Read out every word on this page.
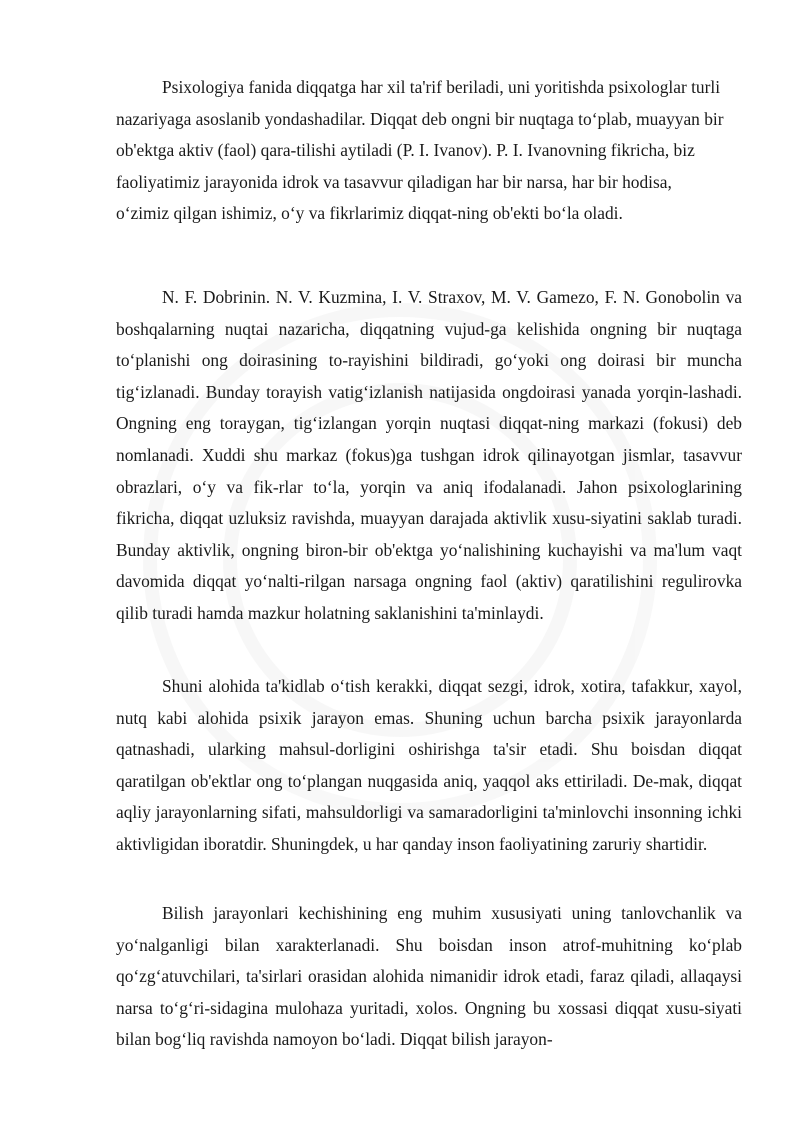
Psixologiya fanida diqqatga har xil ta'rif beriladi, uni yoritishda psixologlar turli nazariyaga asoslanib yondashadilar. Diqqat deb ongni bir nuqtaga to‘plab, muayyan bir ob'ektga aktiv (faol) qara-tilishi aytiladi (P. I. Ivanov). P. I. Ivanovning fikricha, biz faoliyatimiz jarayonida idrok va tasavvur qiladigan har bir narsa, har bir hodisa, o‘zimiz qilgan ishimiz, o‘y va fikrlarimiz diqqat-ning ob'ekti bo‘la oladi.

N. F. Dobrinin. N. V. Kuzmina, I. V. Straxov, M. V. Gamezo, F. N. Gonobolin va boshqalarning nuqtai nazaricha, diqqatning vujud-ga kelishida ongning bir nuqtaga to‘planishi ong doirasining to-rayishini bildiradi, go‘yoki ong doirasi bir muncha tig‘izlanadi. Bunday torayish vatig‘izlanish natijasida ongdoirasi yanada yorqin-lashadi. Ongning eng toraygan, tig‘izlangan yorqin nuqtasi diqqat-ning markazi (fokusi) deb nomlanadi. Xuddi shu markaz (fokus)ga tushgan idrok qilinayotgan jismlar, tasavvur obrazlari, o‘y va fik-rlar to‘la, yorqin va aniq ifodalanadi. Jahon psixologlarining fikricha, diqqat uzluksiz ravishda, muayyan darajada aktivlik xusu-siyatini saklab turadi. Bunday aktivlik, ongning biron-bir ob'ektga yo‘nalishining kuchayishi va ma'lum vaqt davomida diqqat yo‘nalti-rilgan narsaga ongning faol (aktiv) qaratilishini regulirovka qilib turadi hamda mazkur holatning saklanishini ta'minlaydi.

Shuni alohida ta'kidlab o‘tish kerakki, diqqat sezgi, idrok, xotira, tafakkur, xayol, nutq kabi alohida psixik jarayon emas. Shuning uchun barcha psixik jarayonlarda qatnashadi, ularking mahsul-dorligini oshirishga ta'sir etadi. Shu boisdan diqqat qaratilgan ob'ektlar ong to‘plangan nuqgasida aniq, yaqqol aks ettiriladi. De-mak, diqqat aqliy jarayonlarning sifati, mahsuldorligi va samaradorligini ta'minlovchi insonning ichki aktivligidan iboratdir. Shuningdek, u har qanday inson faoliyatining zaruriy shartidir.

Bilish jarayonlari kechishining eng muhim xususiyati uning tanlovchanlik va yo‘nalganligi bilan xarakterlanadi. Shu boisdan inson atrof-muhitning ko‘plab qo‘zg‘atuvchilari, ta'sirlari orasidan alohida nimanidir idrok etadi, faraz qiladi, allaqaysi narsa to‘g‘ri-sidagina mulohaza yuritadi, xolos. Ongning bu xossasi diqqat xusu-siyati bilan bog‘liq ravishda namoyon bo‘ladi. Diqqat bilish jarayon-
